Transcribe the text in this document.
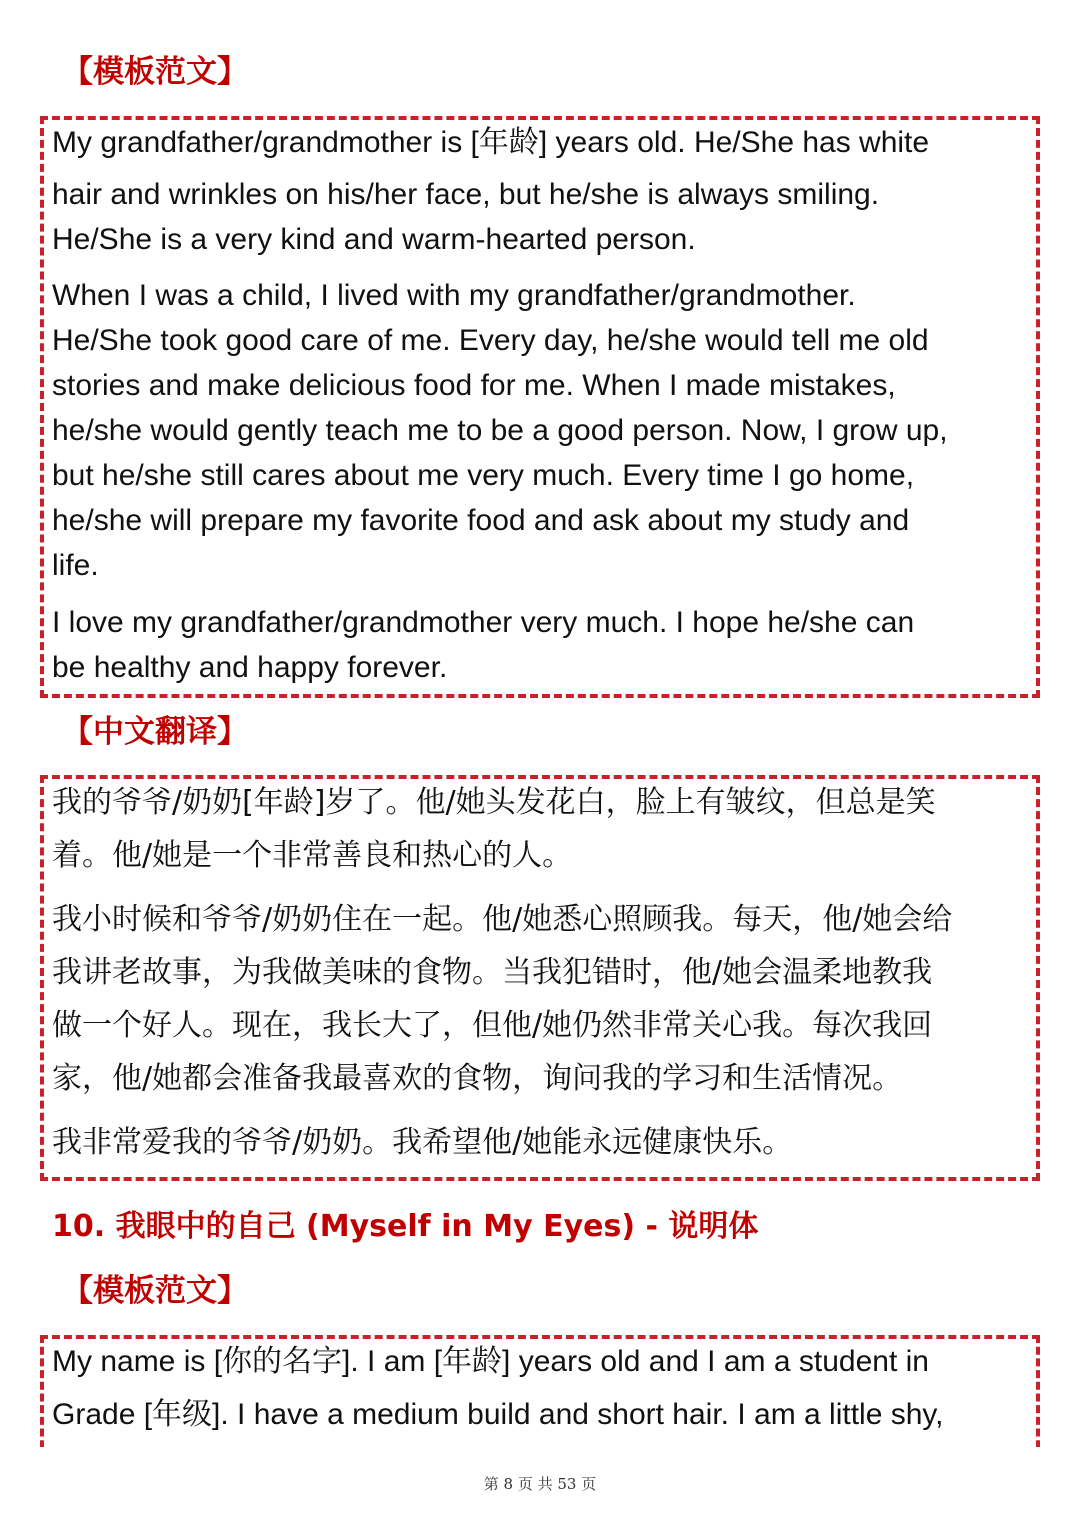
【模板范文】

My grandfather/grandmother is [年龄] years old. He/She has white
hair and wrinkles on his/her face, but he/she is always smiling.
He/She is a very kind and warm-hearted person.

When I was a child, I lived with my grandfather/grandmother.
He/She took good care of me. Every day, he/she would tell me old
stories and make delicious food for me. When I made mistakes,
he/she would gently teach me to be a good person. Now, I grow up,
but he/she still cares about me very much. Every time I go home,
he/she will prepare my favorite food and ask about my study and
life.

I love my grandfather/grandmother very much. I hope he/she can
be healthy and happy forever.

【中文翻译】

我的爷爷/奶奶[年龄]岁了。他/她头发花白，脸上有皱纹，但总是笑
着。他/她是一个非常善良和热心的人。

我小时候和爷爷/奶奶住在一起。他/她悉心照顾我。每天，他/她会给
我讲老故事，为我做美味的食物。当我犯错时，他/她会温柔地教我
做一个好人。现在，我长大了，但他/她仍然非常关心我。每次我回
家，他/她都会准备我最喜欢的食物，询问我的学习和生活情况。

我非常爱我的爷爷/奶奶。我希望他/她能永远健康快乐。

10. 我眼中的自己 (Myself in My Eyes) - 说明体
【模板范文】

My name is [你的名字]. I am [年龄] years old and I am a student in
Grade [年级]. I have a medium build and short hair. I am a little shy,

第 8 页 共 53 页
